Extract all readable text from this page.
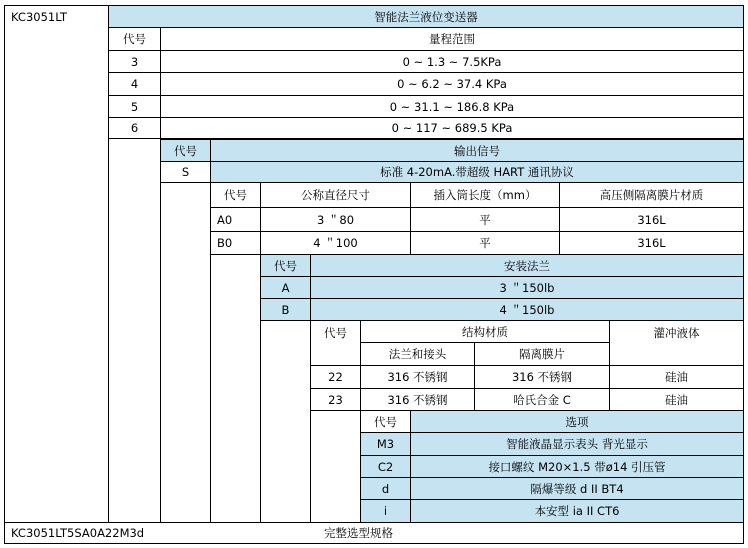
KC3051LT	智能法兰液位变送器
代号	量程范围
3	0 ~ 1.3 ~ 7.5KPa
4	0 ~ 6.2 ~ 37.4 KPa
5	0 ~ 31.1 ~ 186.8 KPa
6	0 ~ 117 ~ 689.5 KPa
代号	输出信号
S	标准 4-20mA.带超级 HART 通讯协议
代号	公称直径尺寸	插入筒长度（mm）	高压侧隔离膜片材质
A0	3 ＂80	平	316L
B0	4 ＂100	平	316L
代号	安装法兰
A	3 ＂150lb
B	4 ＂150lb
代号	结构材质	灌冲液体
法兰和接头	隔离膜片
22	316 不锈钢	316 不锈钢	硅油
23	316 不锈钢	哈氏合金 C	硅油
代号	选项
M3	智能液晶显示表头 背光显示
C2	接口螺纹 M20×1.5 带ø14 引压管
d	隔爆等级 d II BT4
i	本安型 ia II CT6
KC3051LT5SA0A22M3d	完整选型规格
